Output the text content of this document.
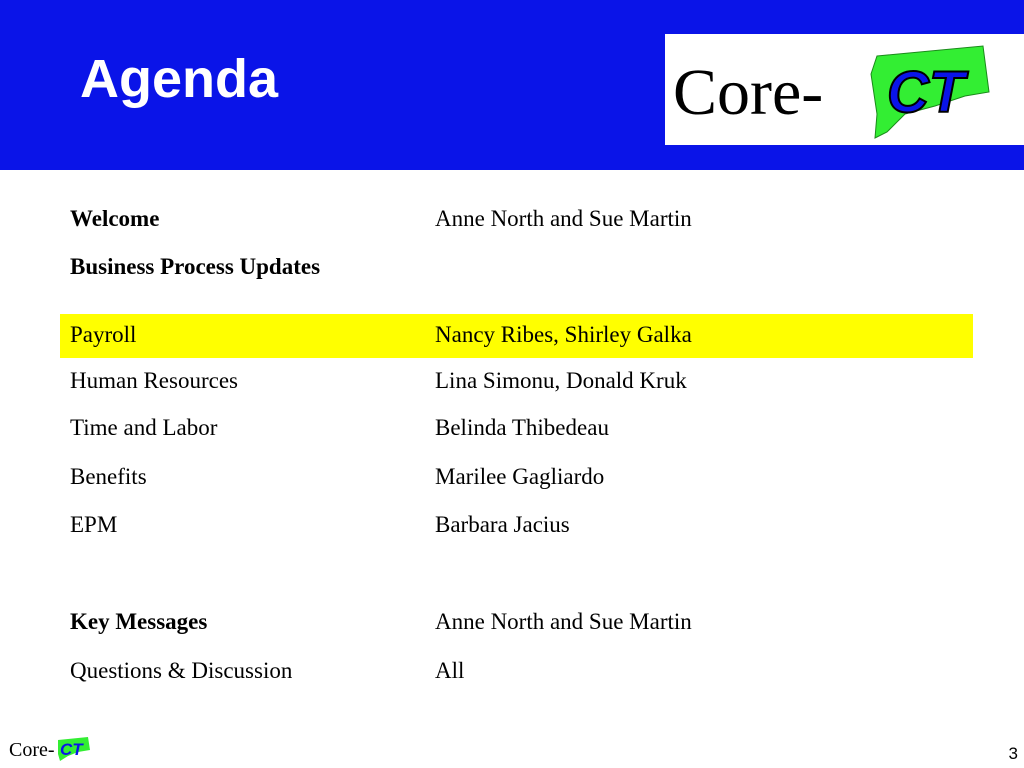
Agenda	Core- CT
Welcome	Anne North and Sue Martin
Business Process Updates
Payroll	Nancy Ribes, Shirley Galka
Human Resources	Lina Simonu, Donald Kruk
Time and Labor	Belinda Thibedeau
Benefits	Marilee Gagliardo
EPM	Barbara Jacius
Key Messages	Anne North and Sue Martin
Questions & Discussion	All
Core- CT	3
